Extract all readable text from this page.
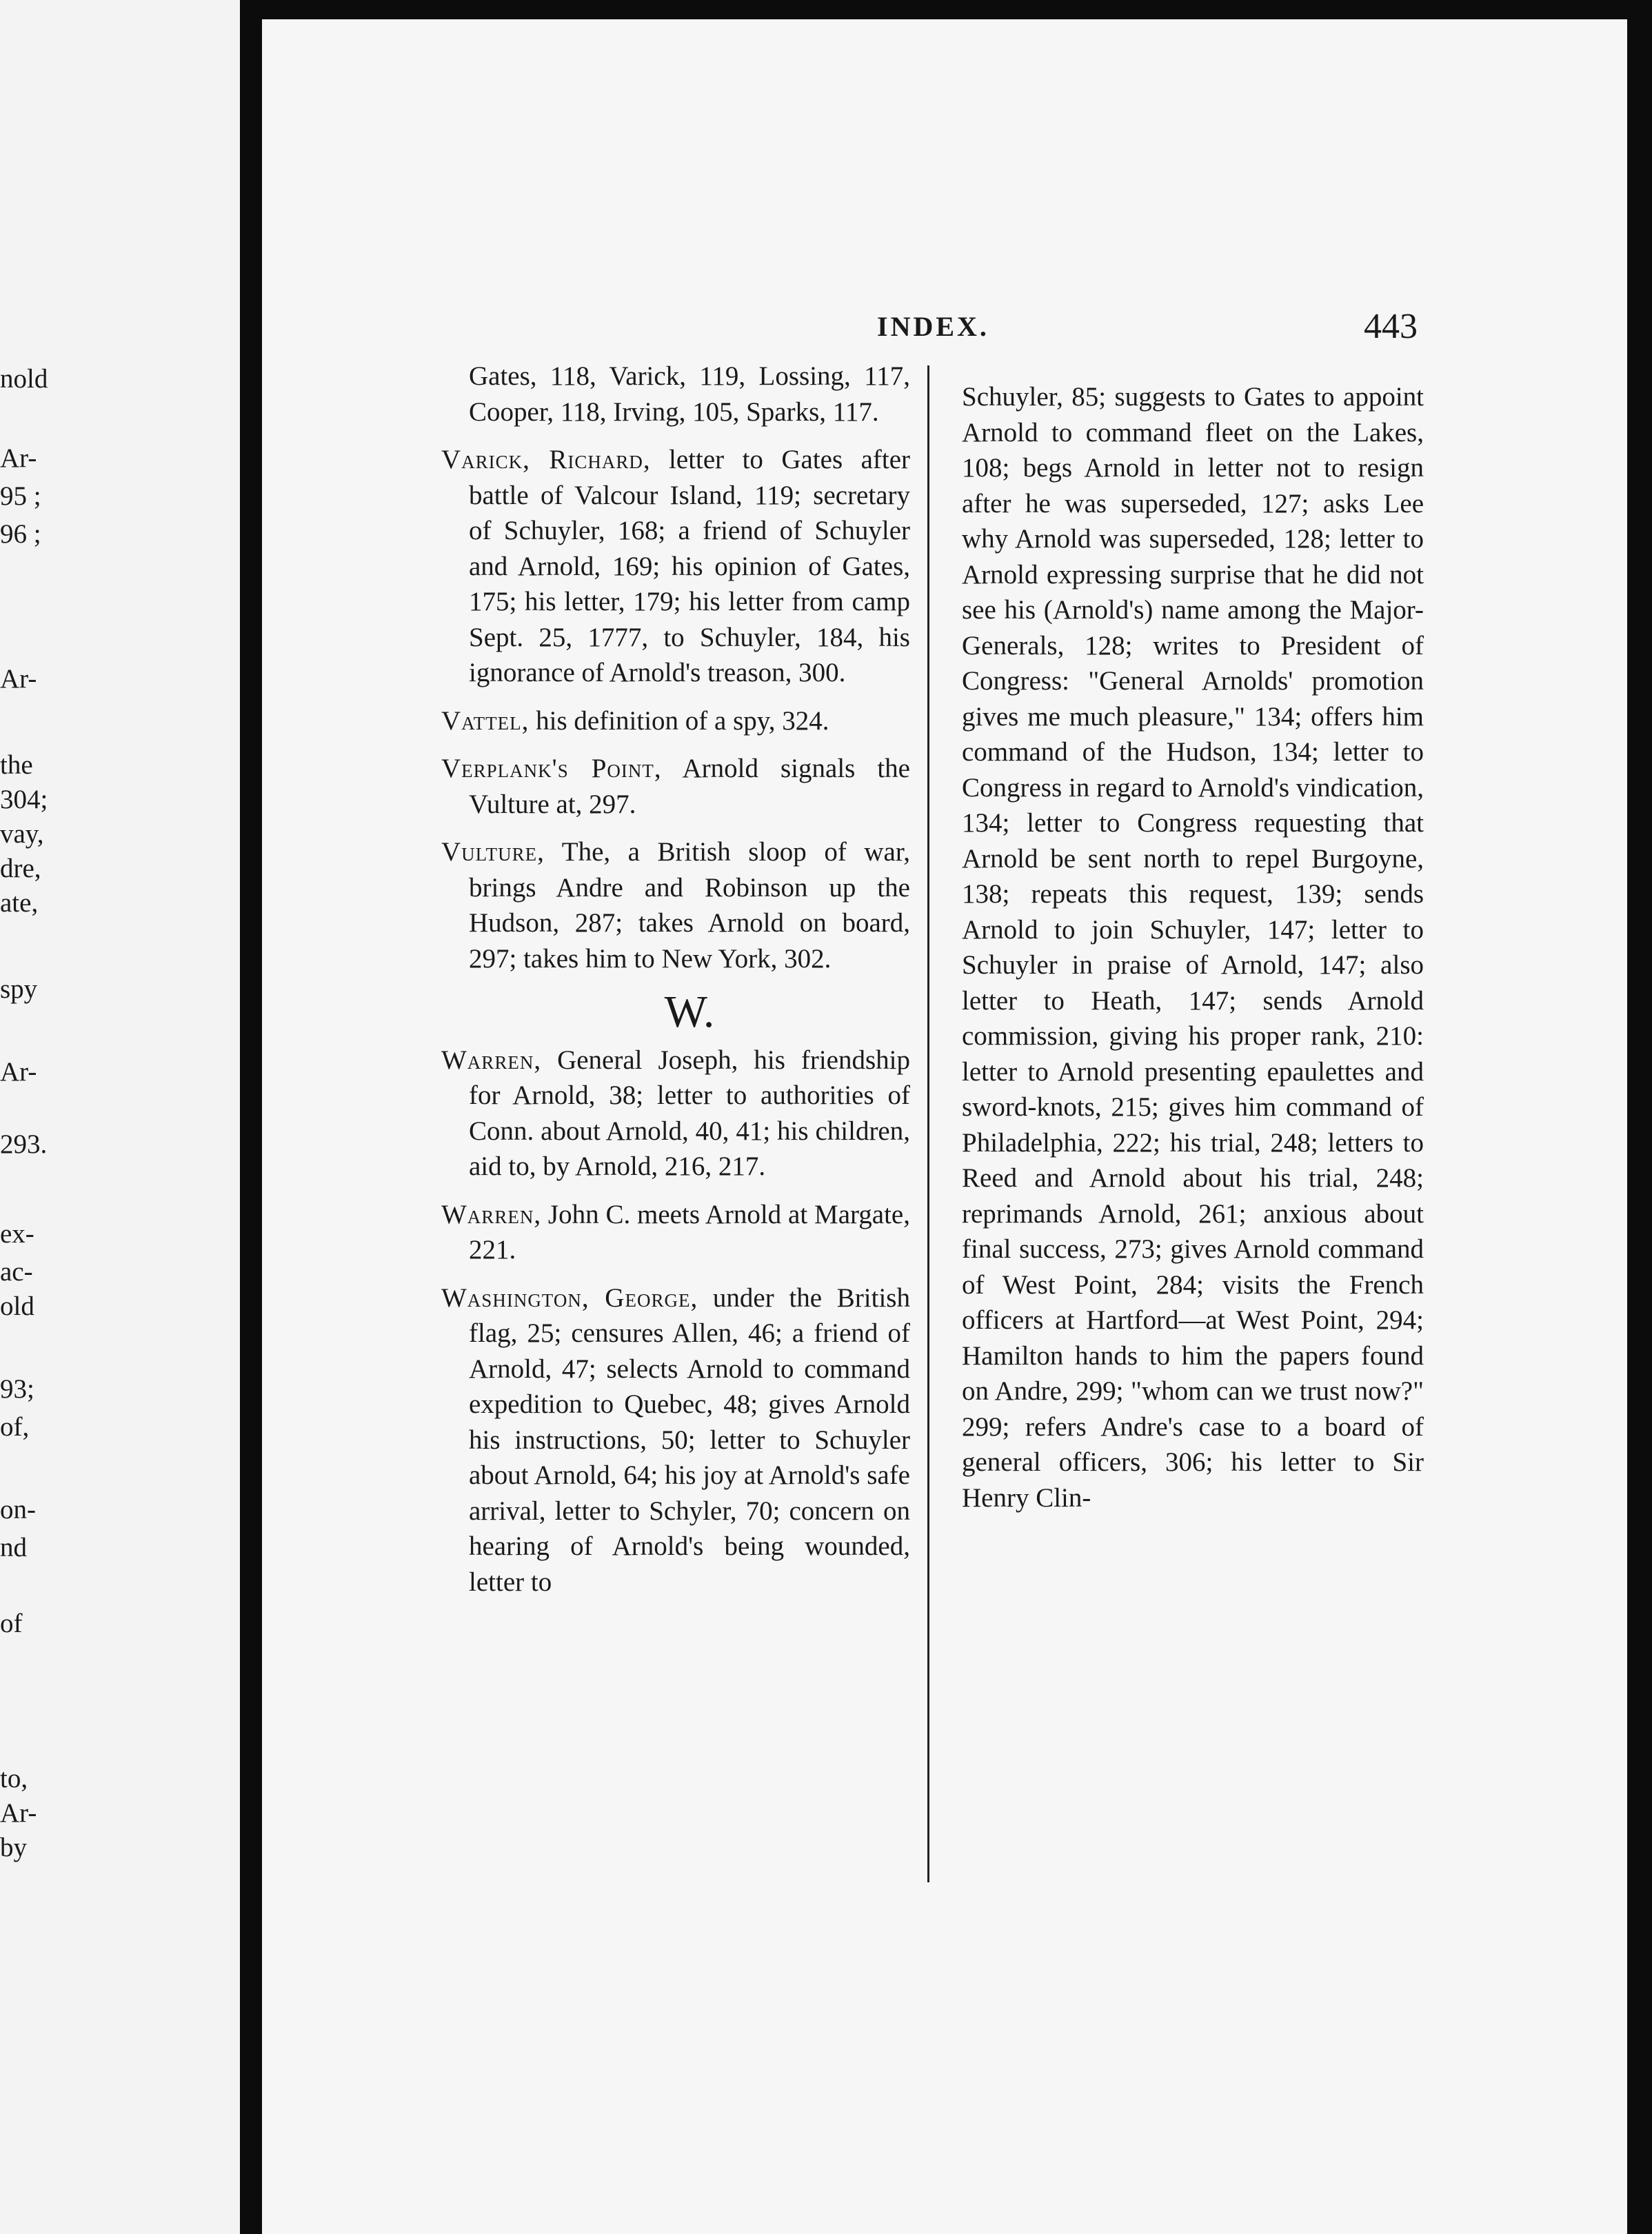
nold
Ar-
95 ;
96 ;
Ar-
the
304;
vay,
dre,
ate,
spy
Ar-
293.
ex-
ac-
old
93;
of,
on-
nd
of
to,
Ar-
by
INDEX.	443

Gates, 118, Varick, 119, Lossing, 117, Cooper, 118, Irving, 105, Sparks, 117.

Varick, Richard, letter to Gates after battle of Valcour Island, 119; secretary of Schuyler, 168; a friend of Schuyler and Arnold, 169; his opinion of Gates, 175; his letter, 179; his letter from camp Sept. 25, 1777, to Schuyler, 184, his ignorance of Arnold's treason, 300.

Vattel, his definition of a spy, 324.

Verplank's Point, Arnold signals the Vulture at, 297.

Vulture, The, a British sloop of war, brings Andre and Robinson up the Hudson, 287; takes Arnold on board, 297; takes him to New York, 302.

W.

Warren, General Joseph, his friendship for Arnold, 38; letter to authorities of Conn. about Arnold, 40, 41; his children, aid to, by Arnold, 216, 217.

Warren, John C. meets Arnold at Margate, 221.

Washington, George, under the British flag, 25; censures Allen, 46; a friend of Arnold, 47; selects Arnold to command expedition to Quebec, 48; gives Arnold his instructions, 50; letter to Schuyler about Arnold, 64; his joy at Arnold's safe arrival, letter to Schyler, 70; concern on hearing of Arnold's being wounded, letter to

Schuyler, 85; suggests to Gates to appoint Arnold to command fleet on the Lakes, 108; begs Arnold in letter not to resign after he was superseded, 127; asks Lee why Arnold was superseded, 128; letter to Arnold expressing surprise that he did not see his (Arnold's) name among the Major-Generals, 128; writes to President of Congress: "General Arnolds' promotion gives me much pleasure," 134; offers him command of the Hudson, 134; letter to Congress in regard to Arnold's vindication, 134; letter to Congress requesting that Arnold be sent north to repel Burgoyne, 138; repeats this request, 139; sends Arnold to join Schuyler, 147; letter to Schuyler in praise of Arnold, 147; also letter to Heath, 147; sends Arnold commission, giving his proper rank, 210: letter to Arnold presenting epaulettes and sword-knots, 215; gives him command of Philadelphia, 222; his trial, 248; letters to Reed and Arnold about his trial, 248; reprimands Arnold, 261; anxious about final success, 273; gives Arnold command of West Point, 284; visits the French officers at Hartford—at West Point, 294; Hamilton hands to him the papers found on Andre, 299; "whom can we trust now?" 299; refers Andre's case to a board of general officers, 306; his letter to Sir Henry Clin-
